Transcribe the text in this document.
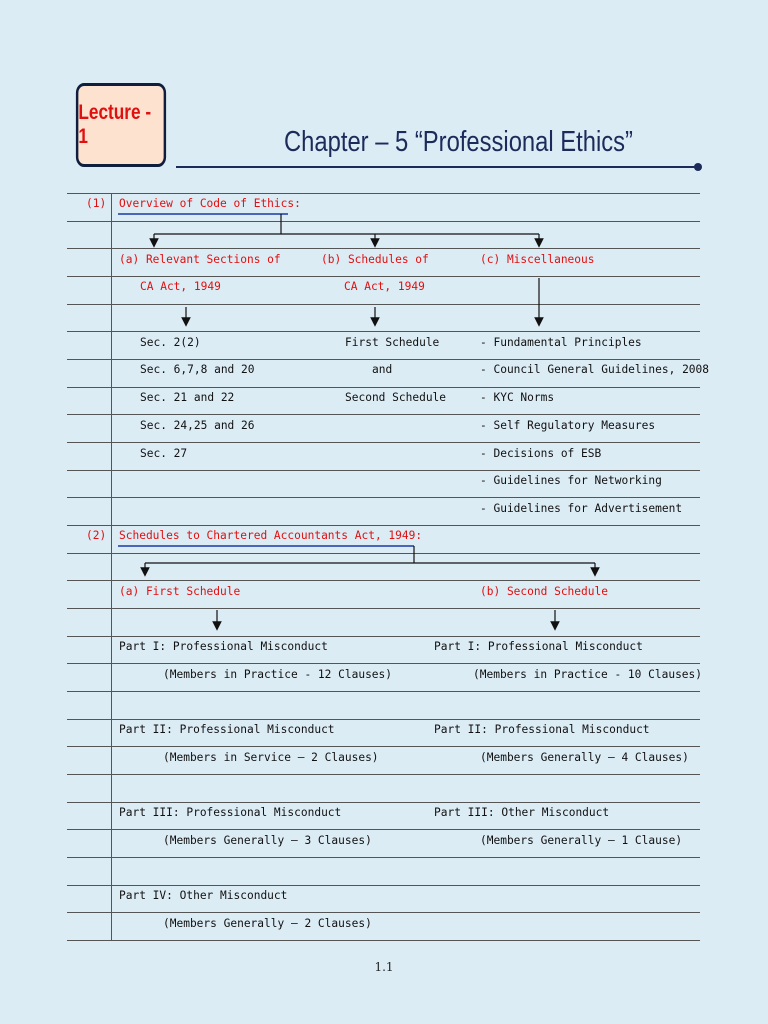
Lecture - 1	Chapter – 5 “Professional Ethics”
(1) Overview of Code of Ethics:
(a) Relevant Sections of
CA Act, 1949
(b) Schedules of
CA Act, 1949
(c) Miscellaneous
Sec. 2(2)
Sec. 6,7,8 and 20
Sec. 21 and 22
Sec. 24,25 and 26
Sec. 27
First Schedule
and
Second Schedule
- Fundamental Principles
- Council General Guidelines, 2008
- KYC Norms
- Self Regulatory Measures
- Decisions of ESB
- Guidelines for Networking
- Guidelines for Advertisement
(2) Schedules to Chartered Accountants Act, 1949:
(a) First Schedule	(b) Second Schedule
Part I: Professional Misconduct
(Members in Practice - 12 Clauses)
Part II: Professional Misconduct
(Members in Service – 2 Clauses)
Part III: Professional Misconduct
(Members Generally – 3 Clauses)
Part IV: Other Misconduct
(Members Generally – 2 Clauses)
Part I: Professional Misconduct
(Members in Practice - 10 Clauses)
Part II: Professional Misconduct
(Members Generally – 4 Clauses)
Part III: Other Misconduct
(Members Generally – 1 Clause)
1.1
